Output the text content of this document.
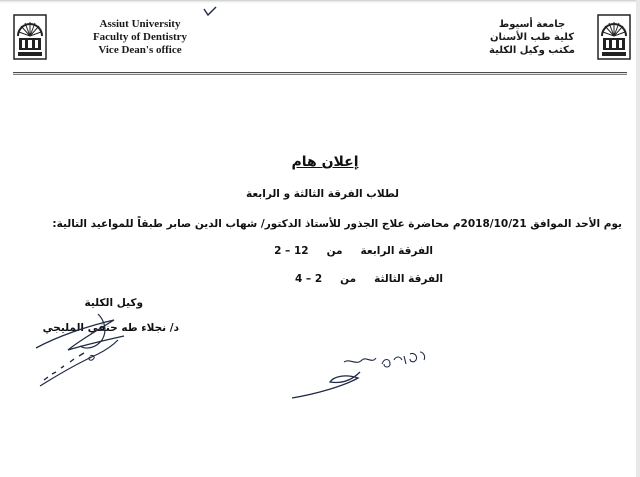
Assiut University
Faculty of Dentistry
Vice Dean's office
جامعة أسيوط
كلية طب الأسنان
مكتب وكيل الكلية
إعلان هام
لطلاب الفرقة الثالثة و الرابعة
يوم الأحد الموافق 2018/10/21م محاضرة علاج الجذور للأستاذ الدكتور/ شهاب الدين صابر طبقاً للمواعيد التالية:
الفرقة الرابعةمن12 – 2
الفرقة الثالثةمن2 – 4
وكيل الكلية
د/ نجلاء طه حنفي المليجي
